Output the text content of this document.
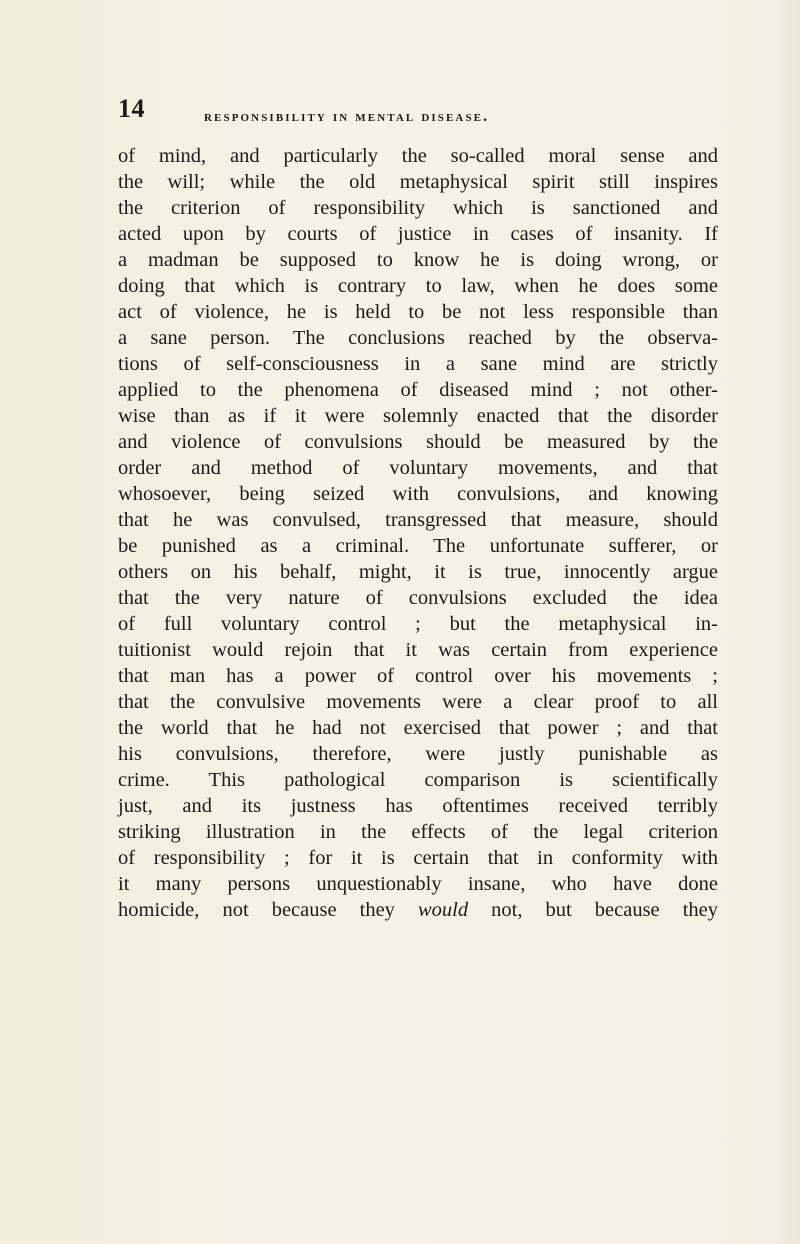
14	responsibility in mental disease.
of mind, and particularly the so-called moral sense and
the will; while the old metaphysical spirit still inspires
the criterion of responsibility which is sanctioned and
acted upon by courts of justice in cases of insanity. If
a madman be supposed to know he is doing wrong, or
doing that which is contrary to law, when he does some
act of violence, he is held to be not less responsible than
a sane person. The conclusions reached by the observa-
tions of self-consciousness in a sane mind are strictly
applied to the phenomena of diseased mind ; not other-
wise than as if it were solemnly enacted that the disorder
and violence of convulsions should be measured by the
order and method of voluntary movements, and that
whosoever, being seized with convulsions, and knowing
that he was convulsed, transgressed that measure, should
be punished as a criminal. The unfortunate sufferer, or
others on his behalf, might, it is true, innocently argue
that the very nature of convulsions excluded the idea
of full voluntary control ; but the metaphysical in-
tuitionist would rejoin that it was certain from experience
that man has a power of control over his movements ;
that the convulsive movements were a clear proof to all
the world that he had not exercised that power ; and that
his convulsions, therefore, were justly punishable as
crime. This pathological comparison is scientifically
just, and its justness has oftentimes received terribly
striking illustration in the effects of the legal criterion
of responsibility ; for it is certain that in conformity with
it many persons unquestionably insane, who have done
homicide, not because they would not, but because they
